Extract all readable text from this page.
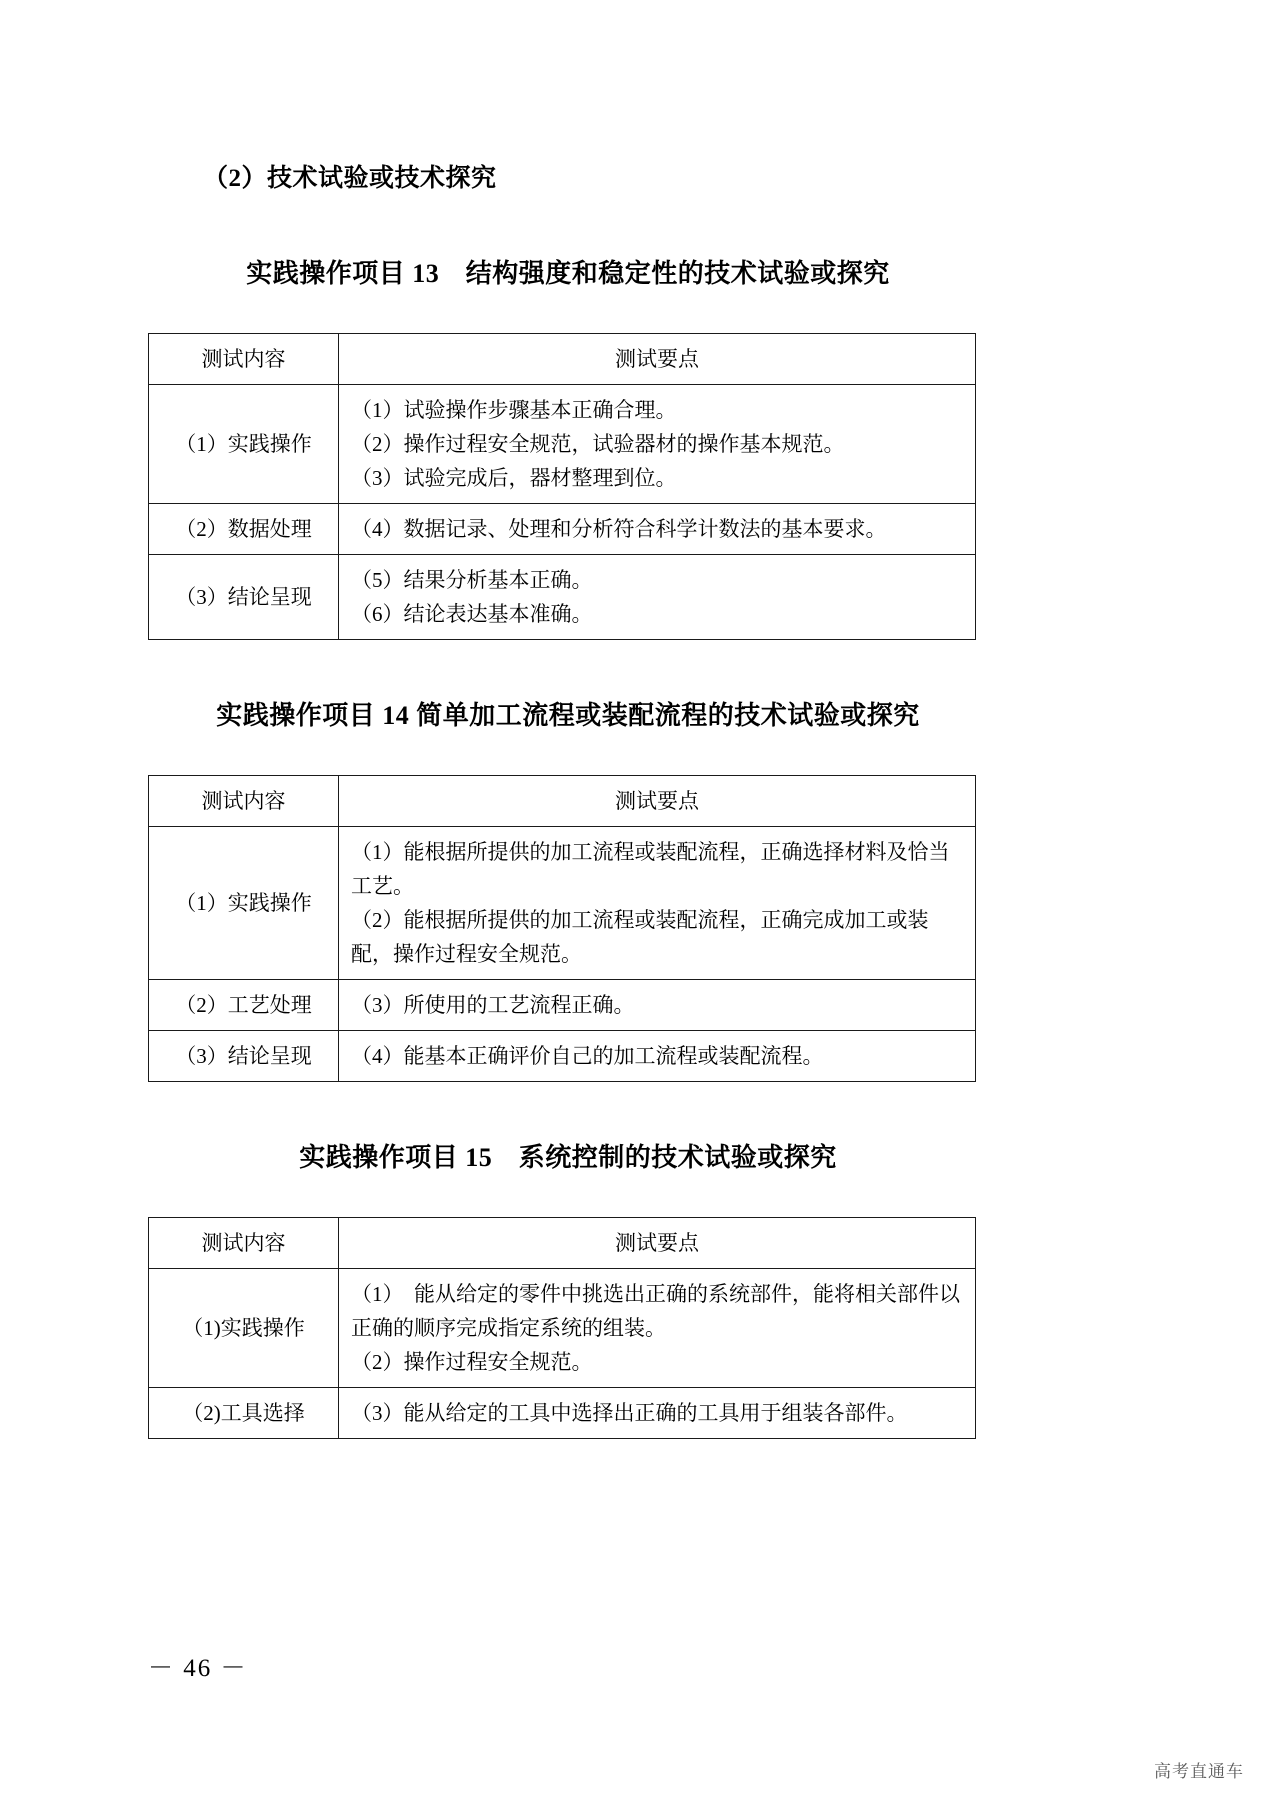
（2）技术试验或技术探究
实践操作项目 13　结构强度和稳定性的技术试验或探究
测试内容	测试要点
（1）实践操作	（1）试验操作步骤基本正确合理。
（2）操作过程安全规范，试验器材的操作基本规范。
（3）试验完成后，器材整理到位。

（2）数据处理	（4）数据记录、处理和分析符合科学计数法的基本要求。

（3）结论呈现	（5）结果分析基本正确。
（6）结论表达基本准确。
实践操作项目 14 简单加工流程或装配流程的技术试验或探究
测试内容	测试要点
（1）实践操作	（1）能根据所提供的加工流程或装配流程，正确选择材料及恰当工艺。
（2）能根据所提供的加工流程或装配流程，正确完成加工或装配，操作过程安全规范。

（2）工艺处理	（3）所使用的工艺流程正确。

（3）结论呈现	（4）能基本正确评价自己的加工流程或装配流程。
实践操作项目 15　系统控制的技术试验或探究
测试内容	测试要点
（1)实践操作	（1）　能从给定的零件中挑选出正确的系统部件，能将相关部件以正确的顺序完成指定系统的组装。
（2）操作过程安全规范。

（2)工具选择	（3）能从给定的工具中选择出正确的工具用于组装各部件。
－ 46 －
高考直通车
